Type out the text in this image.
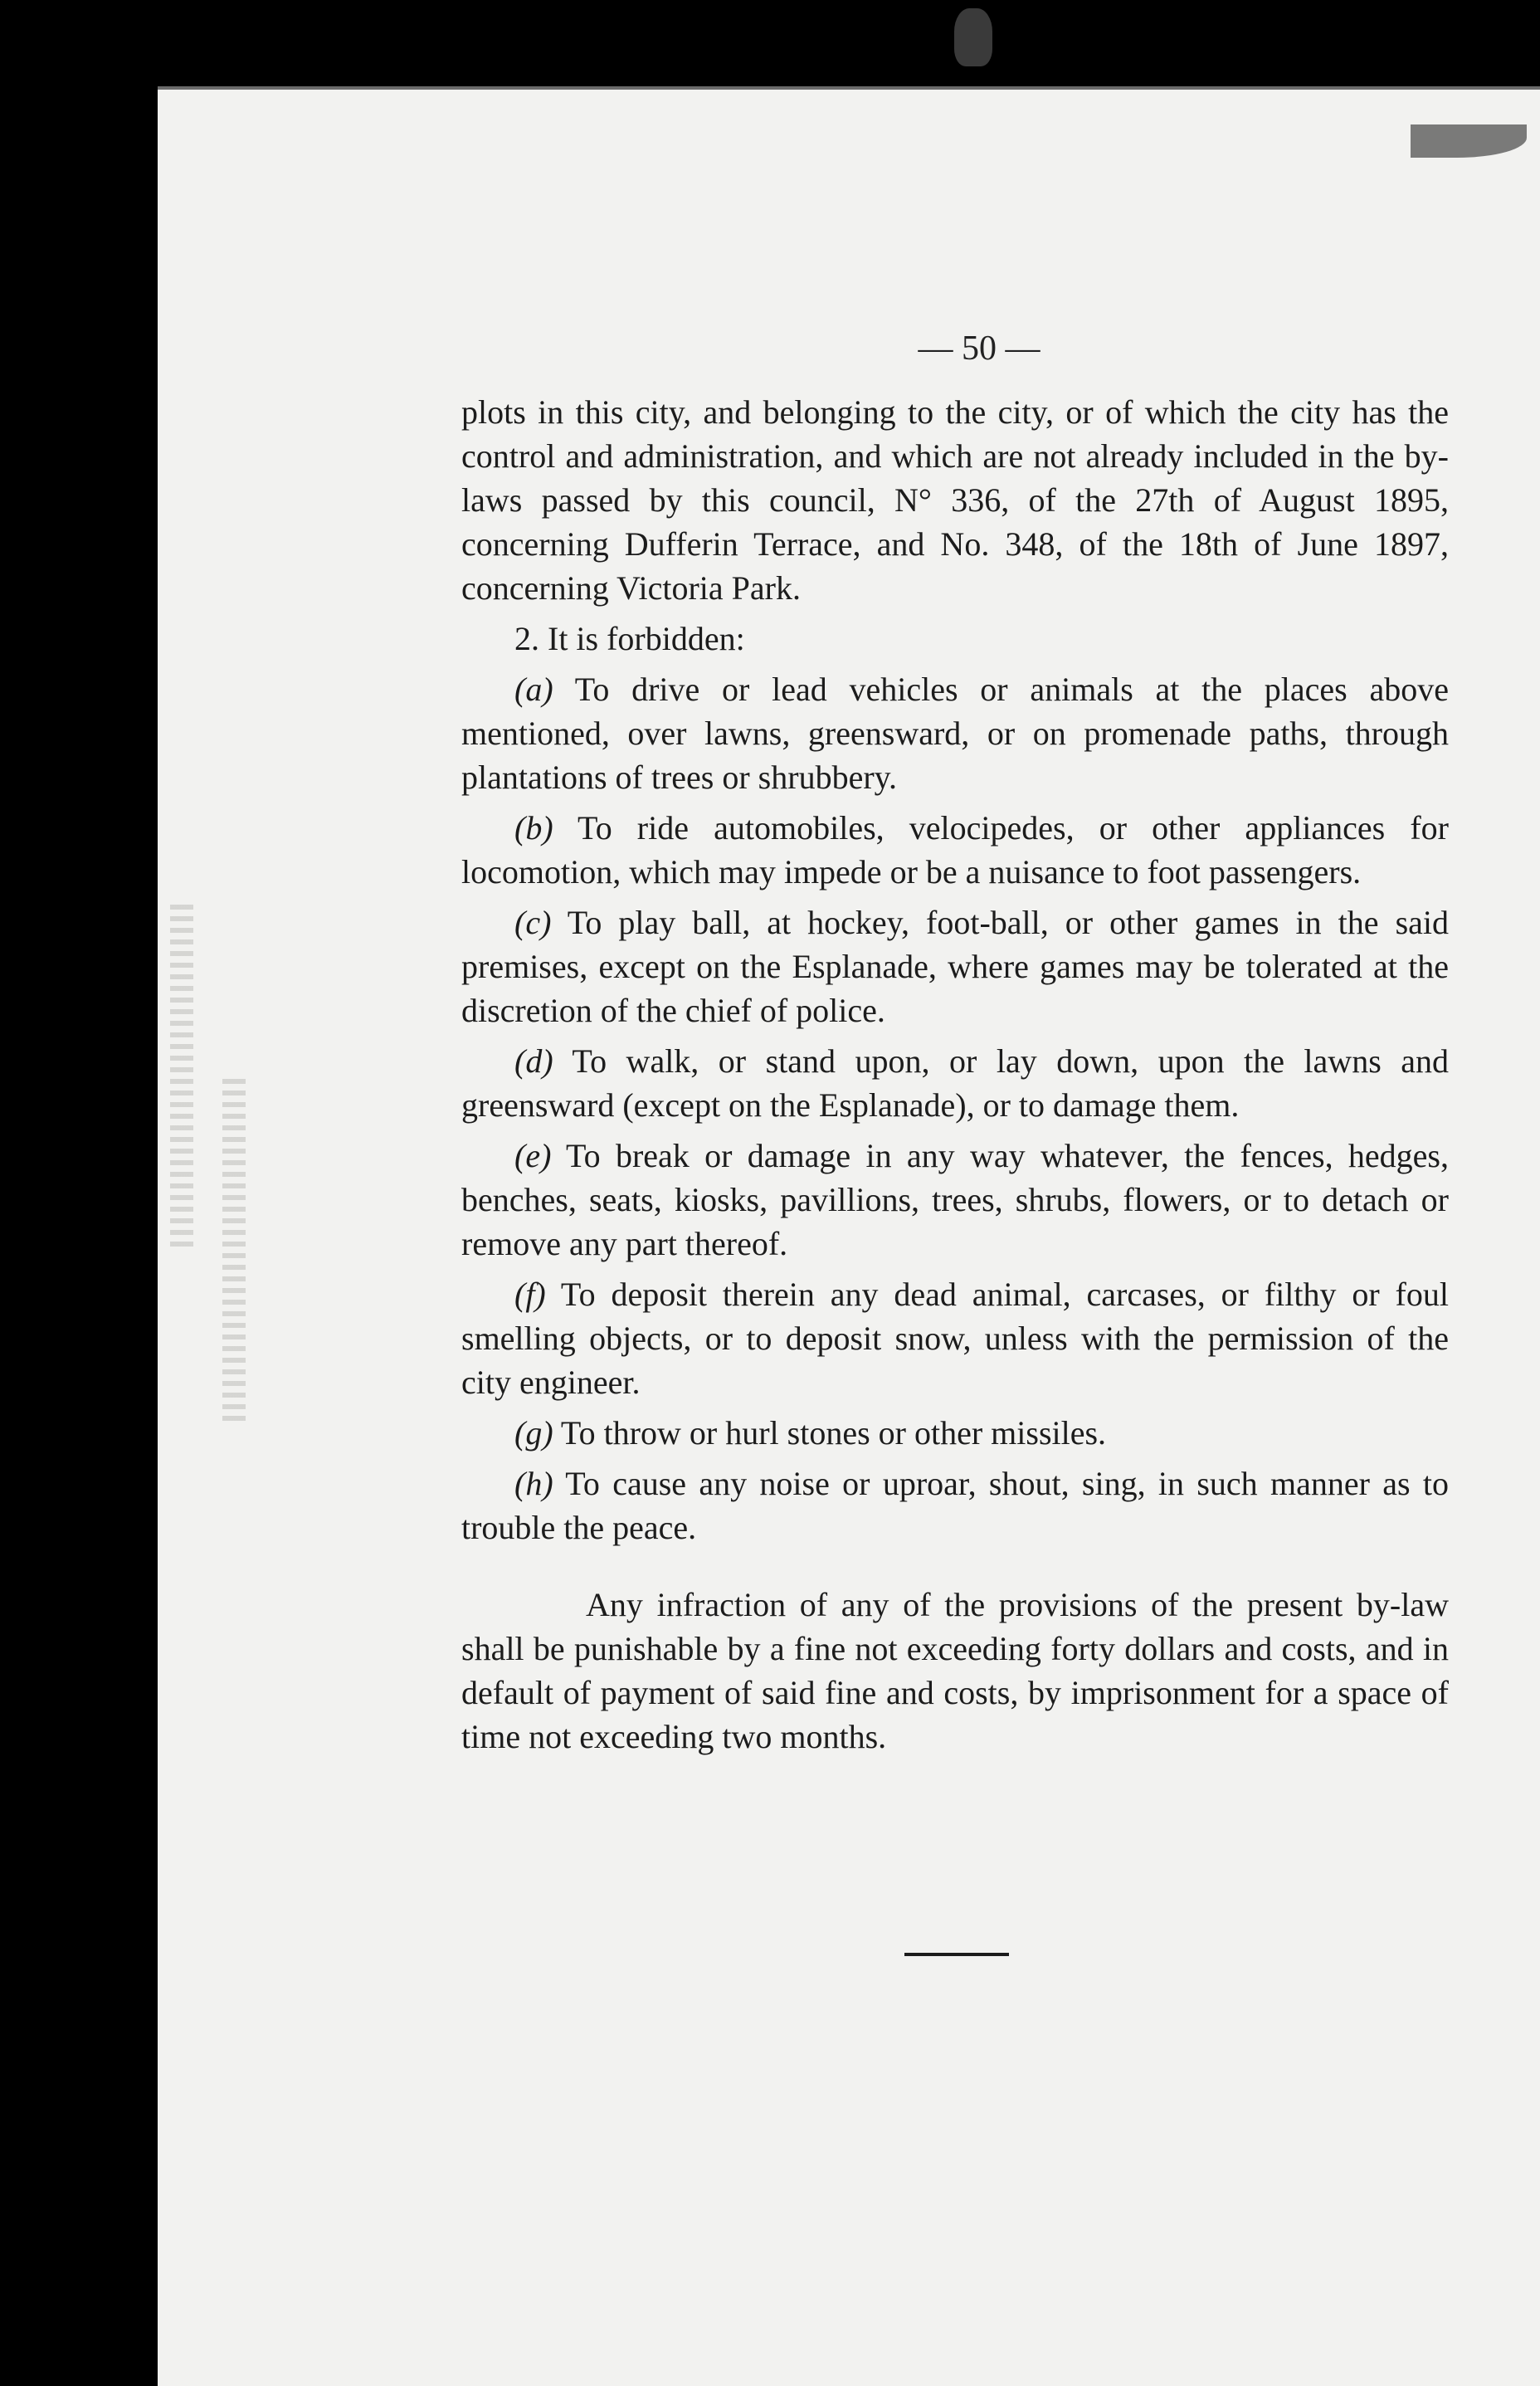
— 50 —

plots in this city, and belonging to the city, or of which the city has the control and administration, and which are not already included in the by-laws passed by this council, N° 336, of the 27th of August 1895, concerning Dufferin Terrace, and No. 348, of the 18th of June 1897, concerning Victoria Park.

2. It is forbidden:

(a) To drive or lead vehicles or animals at the places above mentioned, over lawns, greensward, or on promenade paths, through plantations of trees or shrubbery.

(b) To ride automobiles, velocipedes, or other appliances for locomotion, which may impede or be a nuisance to foot passengers.

(c) To play ball, at hockey, foot-ball, or other games in the said premises, except on the Esplanade, where games may be tolerated at the discretion of the chief of police.

(d) To walk, or stand upon, or lay down, upon the lawns and greensward (except on the Esplanade), or to damage them.

(e) To break or damage in any way whatever, the fences, hedges, benches, seats, kiosks, pavillions, trees, shrubs, flowers, or to detach or remove any part thereof.

(f) To deposit therein any dead animal, carcases, or filthy or foul smelling objects, or to deposit snow, unless with the permission of the city engineer.

(g) To throw or hurl stones or other missiles.

(h) To cause any noise or uproar, shout, sing, in such manner as to trouble the peace.

Any infraction of any of the provisions of the present by-law shall be punishable by a fine not exceeding forty dollars and costs, and in default of payment of said fine and costs, by imprisonment for a space of time not exceeding two months.
